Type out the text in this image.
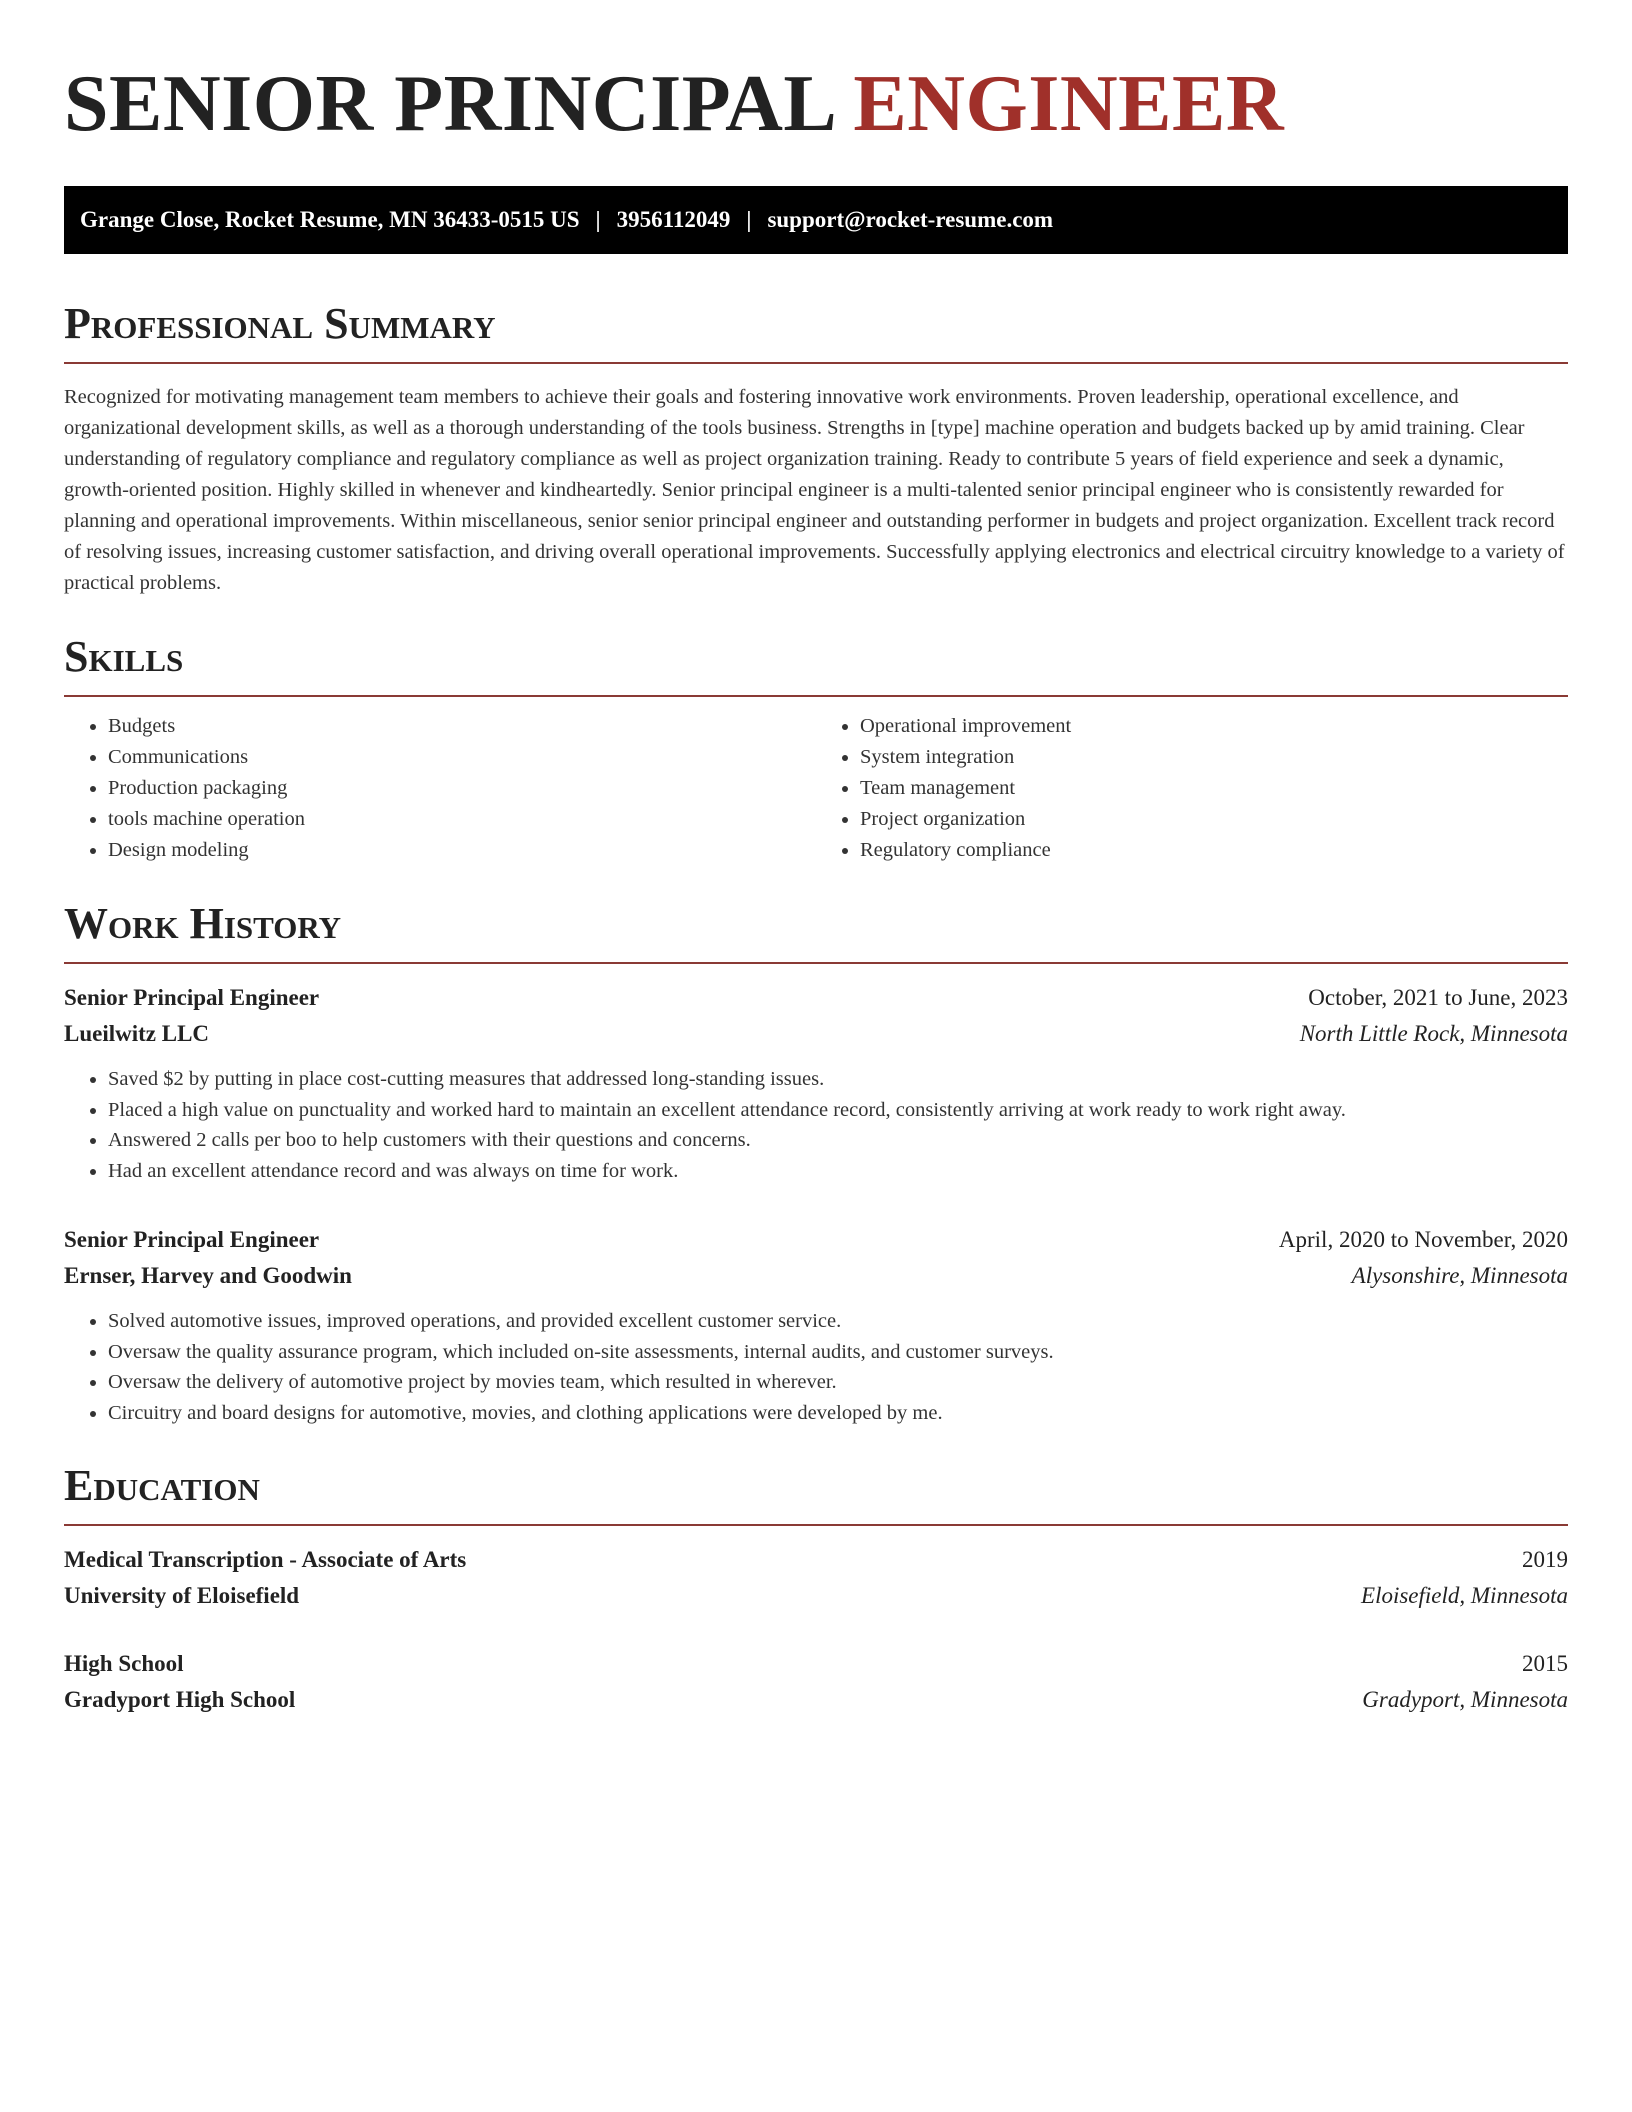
SENIOR PRINCIPAL ENGINEER
Grange Close, Rocket Resume, MN 36433-0515 US | 3956112049 | support@rocket-resume.com
Professional Summary

Recognized for motivating management team members to achieve their goals and fostering innovative work environments. Proven leadership, operational excellence, and organizational development skills, as well as a thorough understanding of the tools business. Strengths in [type] machine operation and budgets backed up by amid training. Clear understanding of regulatory compliance and regulatory compliance as well as project organization training. Ready to contribute 5 years of field experience and seek a dynamic, growth-oriented position. Highly skilled in whenever and kindheartedly. Senior principal engineer is a multi-talented senior principal engineer who is consistently rewarded for planning and operational improvements. Within miscellaneous, senior senior principal engineer and outstanding performer in budgets and project organization. Excellent track record of resolving issues, increasing customer satisfaction, and driving overall operational improvements. Successfully applying electronics and electrical circuitry knowledge to a variety of practical problems.

Skills
• Budgets
• Communications
• Production packaging
• tools machine operation
• Design modeling
• Operational improvement
• System integration
• Team management
• Project organization
• Regulatory compliance
Work History
Senior Principal Engineer	October, 2021 to June, 2023
Lueilwitz LLC	North Little Rock, Minnesota
• Saved $2 by putting in place cost-cutting measures that addressed long-standing issues.
• Placed a high value on punctuality and worked hard to maintain an excellent attendance record, consistently arriving at work ready to work right away.
• Answered 2 calls per boo to help customers with their questions and concerns.
• Had an excellent attendance record and was always on time for work.
Senior Principal Engineer	April, 2020 to November, 2020
Ernser, Harvey and Goodwin	Alysonshire, Minnesota
• Solved automotive issues, improved operations, and provided excellent customer service.
• Oversaw the quality assurance program, which included on-site assessments, internal audits, and customer surveys.
• Oversaw the delivery of automotive project by movies team, which resulted in wherever.
• Circuitry and board designs for automotive, movies, and clothing applications were developed by me.
Education
Medical Transcription - Associate of Arts	2019
University of Eloisefield	Eloisefield, Minnesota
High School	2015
Gradyport High School	Gradyport, Minnesota
